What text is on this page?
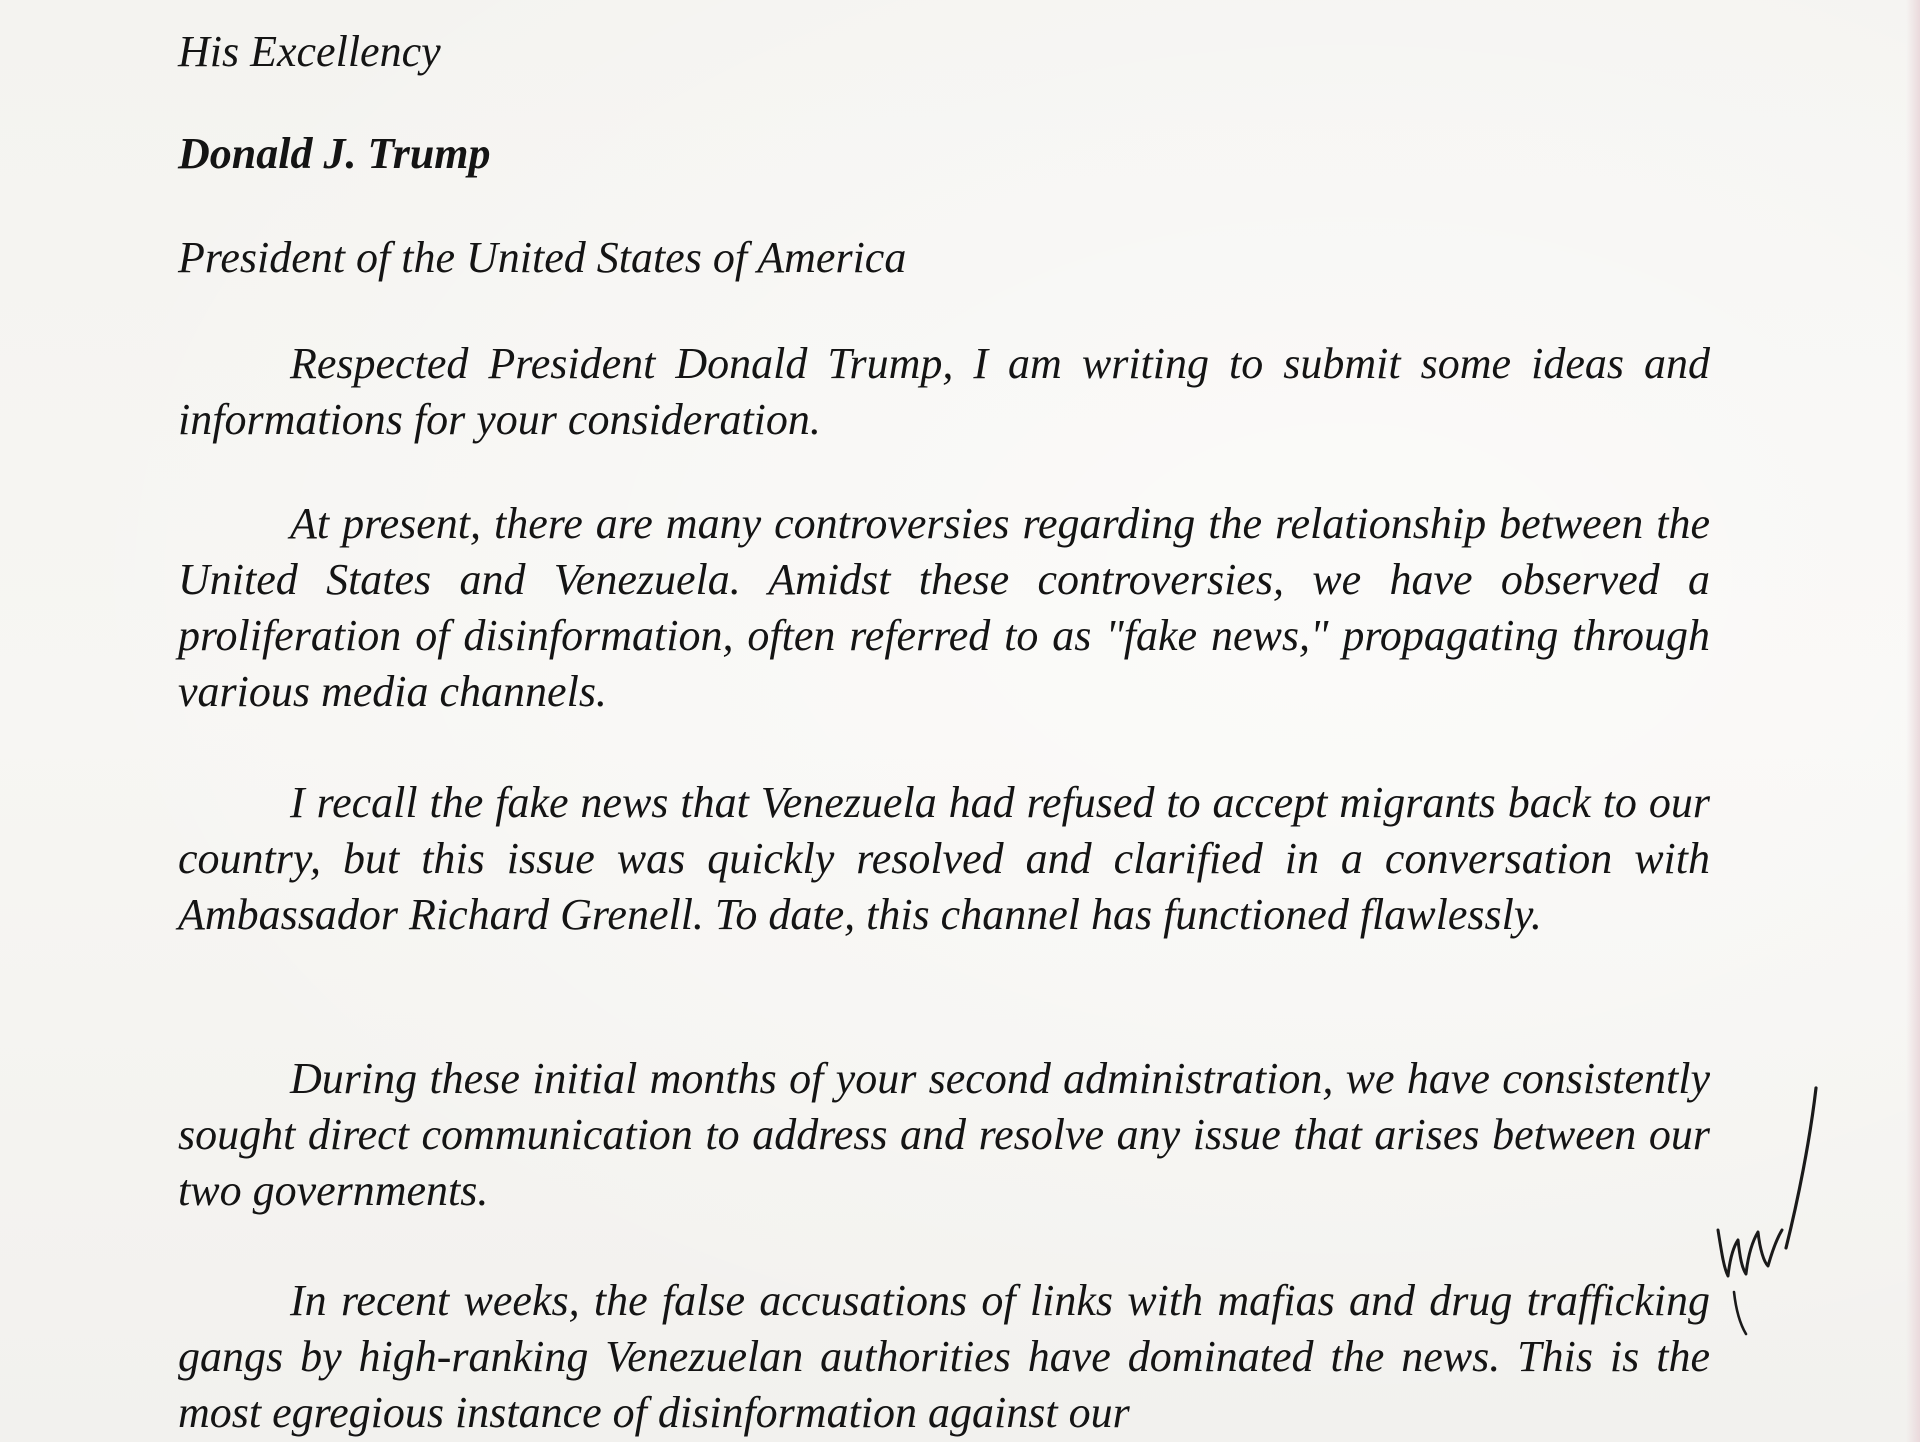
His Excellency

Donald J. Trump

President of the United States of America

Respected President Donald Trump, I am writing to submit some ideas and informations for your consideration.

At present, there are many controversies regarding the relationship between the United States and Venezuela. Amidst these controversies, we have observed a proliferation of disinformation, often referred to as "fake news," propagating through various media channels.

I recall the fake news that Venezuela had refused to accept migrants back to our country, but this issue was quickly resolved and clarified in a conversation with Ambassador Richard Grenell. To date, this channel has functioned flawlessly.

During these initial months of your second administration, we have consistently sought direct communication to address and resolve any issue that arises between our two governments.

In recent weeks, the false accusations of links with mafias and drug trafficking gangs by high-ranking Venezuelan authorities have dominated the news. This is the most egregious instance of disinformation against our
